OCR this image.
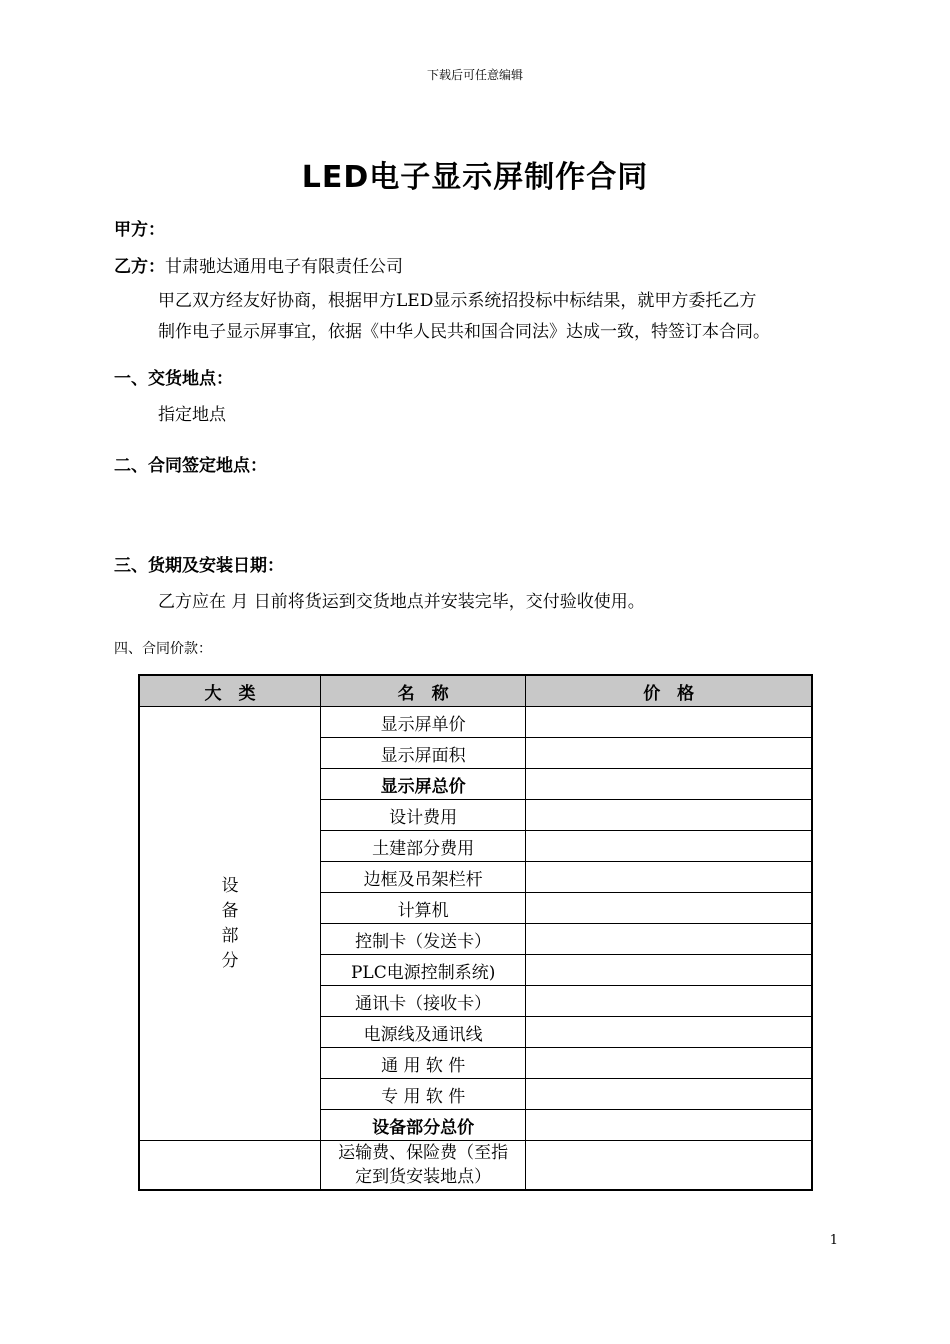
下载后可任意编辑
LED电子显示屏制作合同
甲方：
乙方：甘肃驰达通用电子有限责任公司
甲乙双方经友好协商，根据甲方LED显示系统招投标中标结果，就甲方委托乙方
制作电子显示屏事宜，依据《中华人民共和国合同法》达成一致，特签订本合同。
一、交货地点：
指定地点
二、合同签定地点：
三、货期及安装日期：
乙方应在 月 日前将货运到交货地点并安装完毕，交付验收使用。
四、合同价款：
大　类	名　称	价　格
设备部分	显示屏单价	
	显示屏面积	
	显示屏总价	
	设计费用	
	土建部分费用	
	边框及吊架栏杆	
	计算机	
	控制卡（发送卡）	
	PLC电源控制系统)	
	通讯卡（接收卡）	
	电源线及通讯线	
	通 用 软 件	
	专 用 软 件	
	设备部分总价	
	运输费、保险费（至指定到货安装地点）	
1
